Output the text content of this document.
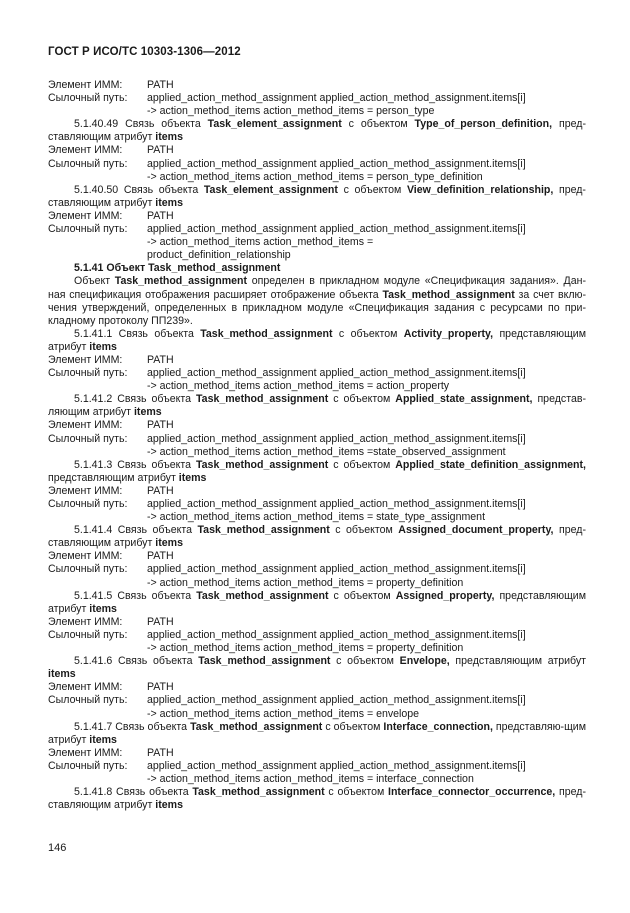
ГОСТ Р ИСО/ТС 10303-1306—2012
Элемент ИММ:	PATH
Сылочный путь:	applied_action_method_assignment applied_action_method_assignment.items[i]
-> action_method_items action_method_items = person_type
5.1.40.49 Связь объекта Task_element_assignment с объектом Type_of_person_definition, пред-ставляющим атрибут items
Элемент ИММ:	PATH
Сылочный путь:	applied_action_method_assignment applied_action_method_assignment.items[i]
-> action_method_items action_method_items = person_type_definition
5.1.40.50 Связь объекта Task_element_assignment с объектом View_definition_relationship, пред-ставляющим атрибут items
Элемент ИММ:	PATH
Сылочный путь:	applied_action_method_assignment applied_action_method_assignment.items[i]
-> action_method_items action_method_items =
product_definition_relationship
5.1.41 Объект Task_method_assignment
Объект Task_method_assignment определен в прикладном модуле «Спецификация задания». Дан-ная спецификация отображения расширяет отображение объекта Task_method_assignment за счет вклю-чения утверждений, определенных в прикладном модуле «Спецификация задания с ресурсами по при-кладному протоколу ПП239».
5.1.41.1 Связь объекта Task_method_assignment с объектом Activity_property, представляющим атрибут items
Элемент ИММ:	PATH
Сылочный путь:	applied_action_method_assignment applied_action_method_assignment.items[i]
-> action_method_items action_method_items = action_property
5.1.41.2 Связь объекта Task_method_assignment с объектом Applied_state_assignment, представ-ляющим атрибут items
Элемент ИММ:	PATH
Сылочный путь:	applied_action_method_assignment applied_action_method_assignment.items[i]
-> action_method_items action_method_items =state_observed_assignment
5.1.41.3 Связь объекта Task_method_assignment с объектом Applied_state_definition_assignment, представляющим атрибут items
Элемент ИММ:	PATH
Сылочный путь:	applied_action_method_assignment applied_action_method_assignment.items[i]
-> action_method_items action_method_items = state_type_assignment
5.1.41.4 Связь объекта Task_method_assignment с объектом Assigned_document_property, пред-ставляющим атрибут items
Элемент ИММ:	PATH
Сылочный путь:	applied_action_method_assignment applied_action_method_assignment.items[i]
-> action_method_items action_method_items = property_definition
5.1.41.5 Связь объекта Task_method_assignment с объектом Assigned_property, представляющим атрибут items
Элемент ИММ:	PATH
Сылочный путь:	applied_action_method_assignment applied_action_method_assignment.items[i]
-> action_method_items action_method_items = property_definition
5.1.41.6 Связь объекта Task_method_assignment с объектом Envelope, представляющим атрибут items
Элемент ИММ:	PATH
Сылочный путь:	applied_action_method_assignment applied_action_method_assignment.items[i]
-> action_method_items action_method_items = envelope
5.1.41.7 Связь объекта Task_method_assignment с объектом Interface_connection, представляю-щим атрибут items
Элемент ИММ:	PATH
Сылочный путь:	applied_action_method_assignment applied_action_method_assignment.items[i]
-> action_method_items action_method_items = interface_connection
5.1.41.8 Связь объекта Task_method_assignment с объектом Interface_connector_occurrence, пред-ставляющим атрибут items
146
